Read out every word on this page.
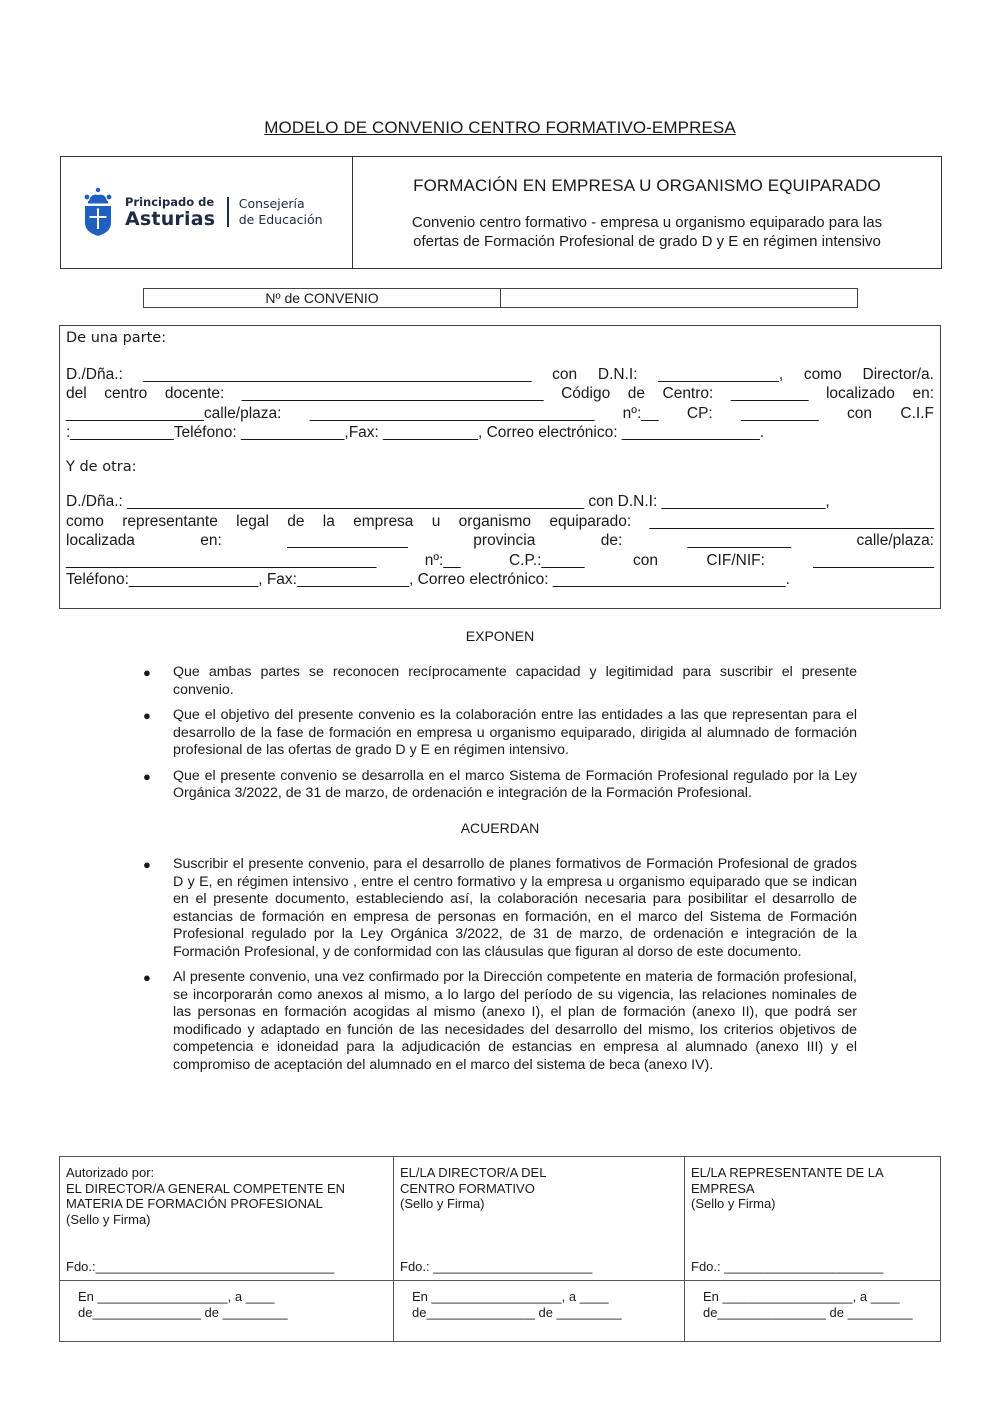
MODELO DE CONVENIO CENTRO FORMATIVO-EMPRESA
Principado de
Asturias
Consejería
de Educación
FORMACIÓN EN EMPRESA U ORGANISMO EQUIPARADO
Convenio centro formativo - empresa u organismo equiparado para las
ofertas de Formación Profesional de grado D y E en régimen intensivo
Nº de CONVENIO
De una parte:
D./Dña.: _____________________________________________ con D.N.I: ______________, como Director/a.
del centro docente: ___________________________________ Código de Centro: _________ localizado en:
________________calle/plaza: _________________________________ nº:__ CP: _________ con C.I.F
:____________Teléfono: ____________,Fax: ___________, Correo electrónico: ________________.
Y de otra:
D./Dña.: _____________________________________________________ con D.N.I: ___________________,
como representante legal de la empresa u organismo equiparado: _________________________________
localizada en: ______________ provincia de: ____________ calle/plaza:
____________________________________ nº:__ C.P.:_____ con CIF/NIF: ______________
Teléfono:_______________, Fax:_____________, Correo electrónico: ___________________________.
EXPONEN
● Que ambas partes se reconocen recíprocamente capacidad y legitimidad para suscribir el presente convenio.
● Que el objetivo del presente convenio es la colaboración entre las entidades a las que representan para el desarrollo de la fase de formación en empresa u organismo equiparado, dirigida al alumnado de formación profesional de las ofertas de grado D y E en régimen intensivo.
● Que el presente convenio se desarrolla en el marco Sistema de Formación Profesional regulado por la Ley Orgánica 3/2022, de 31 de marzo, de ordenación e integración de la Formación Profesional.
ACUERDAN
● Suscribir el presente convenio, para el desarrollo de planes formativos de Formación Profesional de grados D y E, en régimen intensivo , entre el centro formativo y la empresa u organismo equiparado que se indican en el presente documento, estableciendo así, la colaboración necesaria para posibilitar el desarrollo de estancias de formación en empresa de personas en formación, en el marco del Sistema de Formación Profesional regulado por la Ley Orgánica 3/2022, de 31 de marzo, de ordenación e integración de la Formación Profesional, y de conformidad con las cláusulas que figuran al dorso de este documento.
● Al presente convenio, una vez confirmado por la Dirección competente en materia de formación profesional, se incorporarán como anexos al mismo, a lo largo del período de su vigencia, las relaciones nominales de las personas en formación acogidas al mismo (anexo I), el plan de formación (anexo II), que podrá ser modificado y adaptado en función de las necesidades del desarrollo del mismo, los criterios objetivos de competencia e idoneidad para la adjudicación de estancias en empresa al alumnado (anexo III) y el compromiso de aceptación del alumnado en el marco del sistema de beca (anexo IV).
Autorizado por:
EL DIRECTOR/A GENERAL COMPETENTE EN
MATERIA DE FORMACIÓN PROFESIONAL
(Sello y Firma)
Fdo.:_________________________________
EL/LA DIRECTOR/A DEL
CENTRO FORMATIVO
(Sello y Firma)
Fdo.: ______________________
EL/LA REPRESENTANTE DE LA
EMPRESA
(Sello y Firma)
Fdo.: ______________________
En __________________, a ____
de_______________ de _________
En __________________, a ____
de_______________ de _________
En __________________, a ____
de_______________ de _________
